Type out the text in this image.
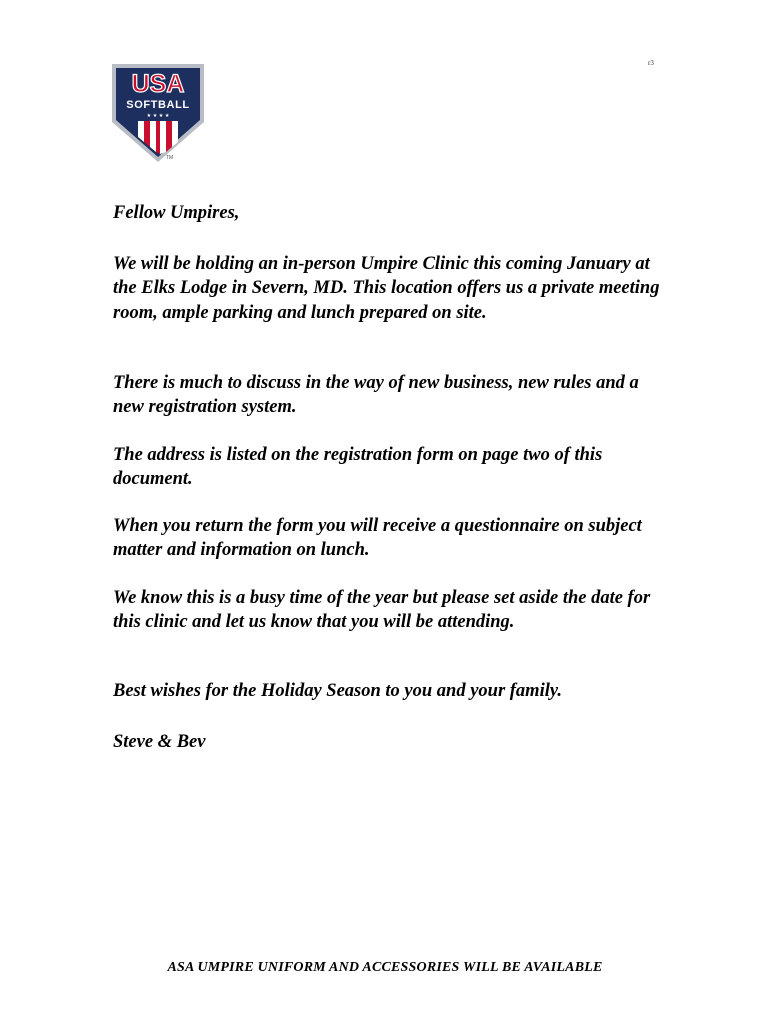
r3
USA
SOFTBALL
★ ★ ★ ★
TM

Fellow Umpires,

We will be holding an in-person Umpire Clinic this coming January at the Elks Lodge in Severn, MD. This location offers us a private meeting room, ample parking and lunch prepared on site.

There is much to discuss in the way of new business, new rules and a new registration system.

The address is listed on the registration form on page two of this document.

When you return the form you will receive a questionnaire on subject matter and information on lunch.

We know this is a busy time of the year but please set aside the date for this clinic and let us know that you will be attending.

Best wishes for the Holiday Season to you and your family.

Steve & Bev

ASA UMPIRE UNIFORM AND ACCESSORIES WILL BE AVAILABLE
